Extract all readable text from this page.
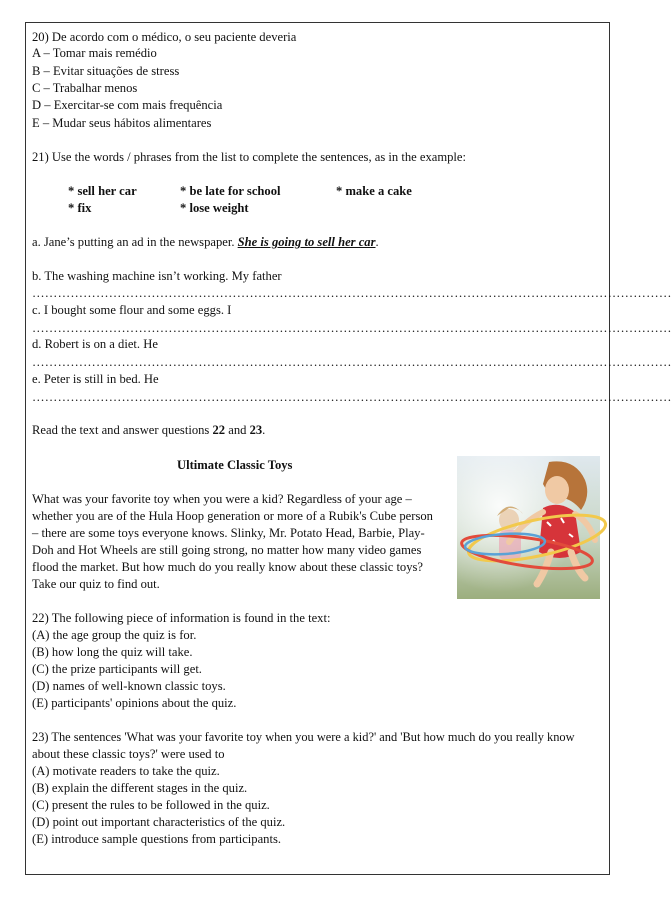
20) De acordo com o médico, o seu paciente deveria
A – Tomar mais remédio
B – Evitar situações de stress
C – Trabalhar menos
D – Exercitar-se com mais frequência
E – Mudar seus hábitos alimentares
21) Use the words / phrases from the list to complete the sentences, as in the example:
* sell her car	* be late for school	* make a cake
* fix	* lose weight
a. Jane’s putting an ad in the newspaper. She is going to sell her car.
b. The washing machine isn’t working. My father
……………………………………………………………………………………………………………………………………
c. I bought some flour and some eggs. I
……………………………………………………………………………………………………………………………………
d. Robert is on a diet. He
……………………………………………………………………………………………………………………………………
e. Peter is still in bed. He
……………………………………………………………………………………………………………………………………
Read the text and answer questions 22 and 23.
Ultimate Classic Toys
What was your favorite toy when you were a kid? Regardless of your age –
whether you are of the Hula Hoop generation or more of a Rubik's Cube person
– there are some toys everyone knows. Slinky, Mr. Potato Head, Barbie, Play-
Doh and Hot Wheels are still going strong, no matter how many video games
flood the market. But how much do you really know about these classic toys?
Take our quiz to find out.
22) The following piece of information is found in the text:
(A) the age group the quiz is for.
(B) how long the quiz will take.
(C) the prize participants will get.
(D) names of well-known classic toys.
(E) participants' opinions about the quiz.
23) The sentences 'What was your favorite toy when you were a kid?' and 'But how much do you really know
about these classic toys?' were used to
(A) motivate readers to take the quiz.
(B) explain the different stages in the quiz.
(C) present the rules to be followed in the quiz.
(D) point out important characteristics of the quiz.
(E) introduce sample questions from participants.
